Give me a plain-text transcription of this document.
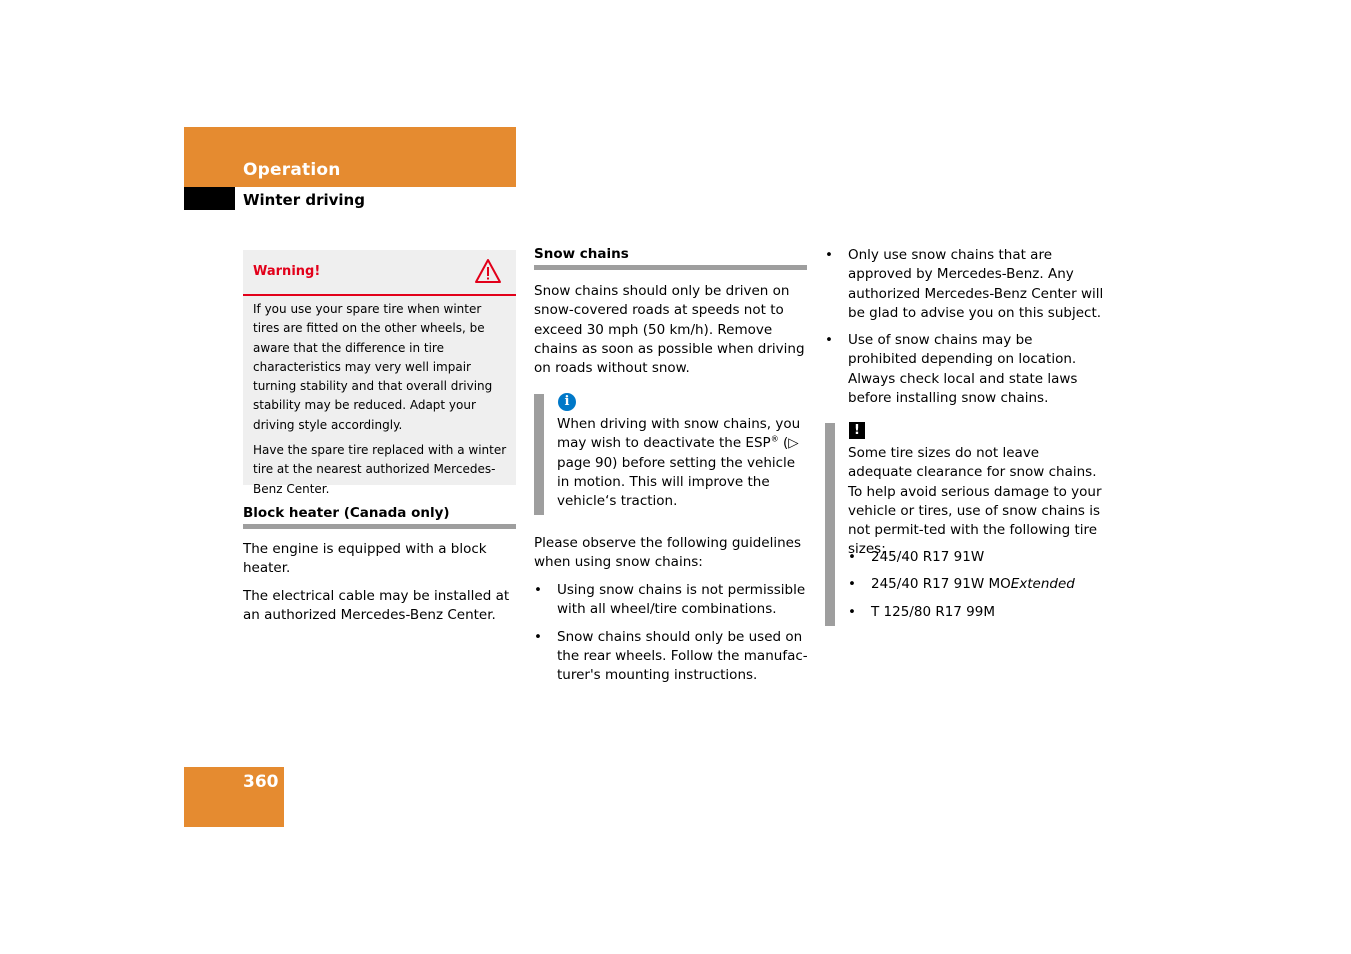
Operation
Winter driving
Warning!

If you use your spare tire when winter tires are fitted on the other wheels, be aware that the difference in tire characteristics may very well impair turning stability and that overall driving stability may be reduced. Adapt your driving style accordingly.

Have the spare tire replaced with a winter tire at the nearest authorized Mercedes-Benz Center.

Block heater (Canada only)

The engine is equipped with a block heater.

The electrical cable may be installed at an authorized Mercedes-Benz Center.

Snow chains
Snow chains should only be driven on snow-covered roads at speeds not to exceed 30 mph (50 km/h). Remove chains as soon as possible when driving on roads without snow.
i
When driving with snow chains, you may wish to deactivate the ESP® (▷ page 90) before setting the vehicle in motion. This will improve the vehicle‘s traction.
Please observe the following guidelines when using snow chains:
• Using snow chains is not permissible with all wheel/tire combinations.
• Snow chains should only be used on the rear wheels. Follow the manufac-turer's mounting instructions.
• Only use snow chains that are approved by Mercedes-Benz. Any authorized Mercedes-Benz Center will be glad to advise you on this subject.
• Use of snow chains may be prohibited depending on location. Always check local and state laws before installing snow chains.
!
Some tire sizes do not leave adequate clearance for snow chains. To help avoid serious damage to your vehicle or tires, use of snow chains is not permit-ted with the following tire sizes:
• 245/40 R17 91W
• 245/40 R17 91W MOExtended
• T 125/80 R17 99M
360
